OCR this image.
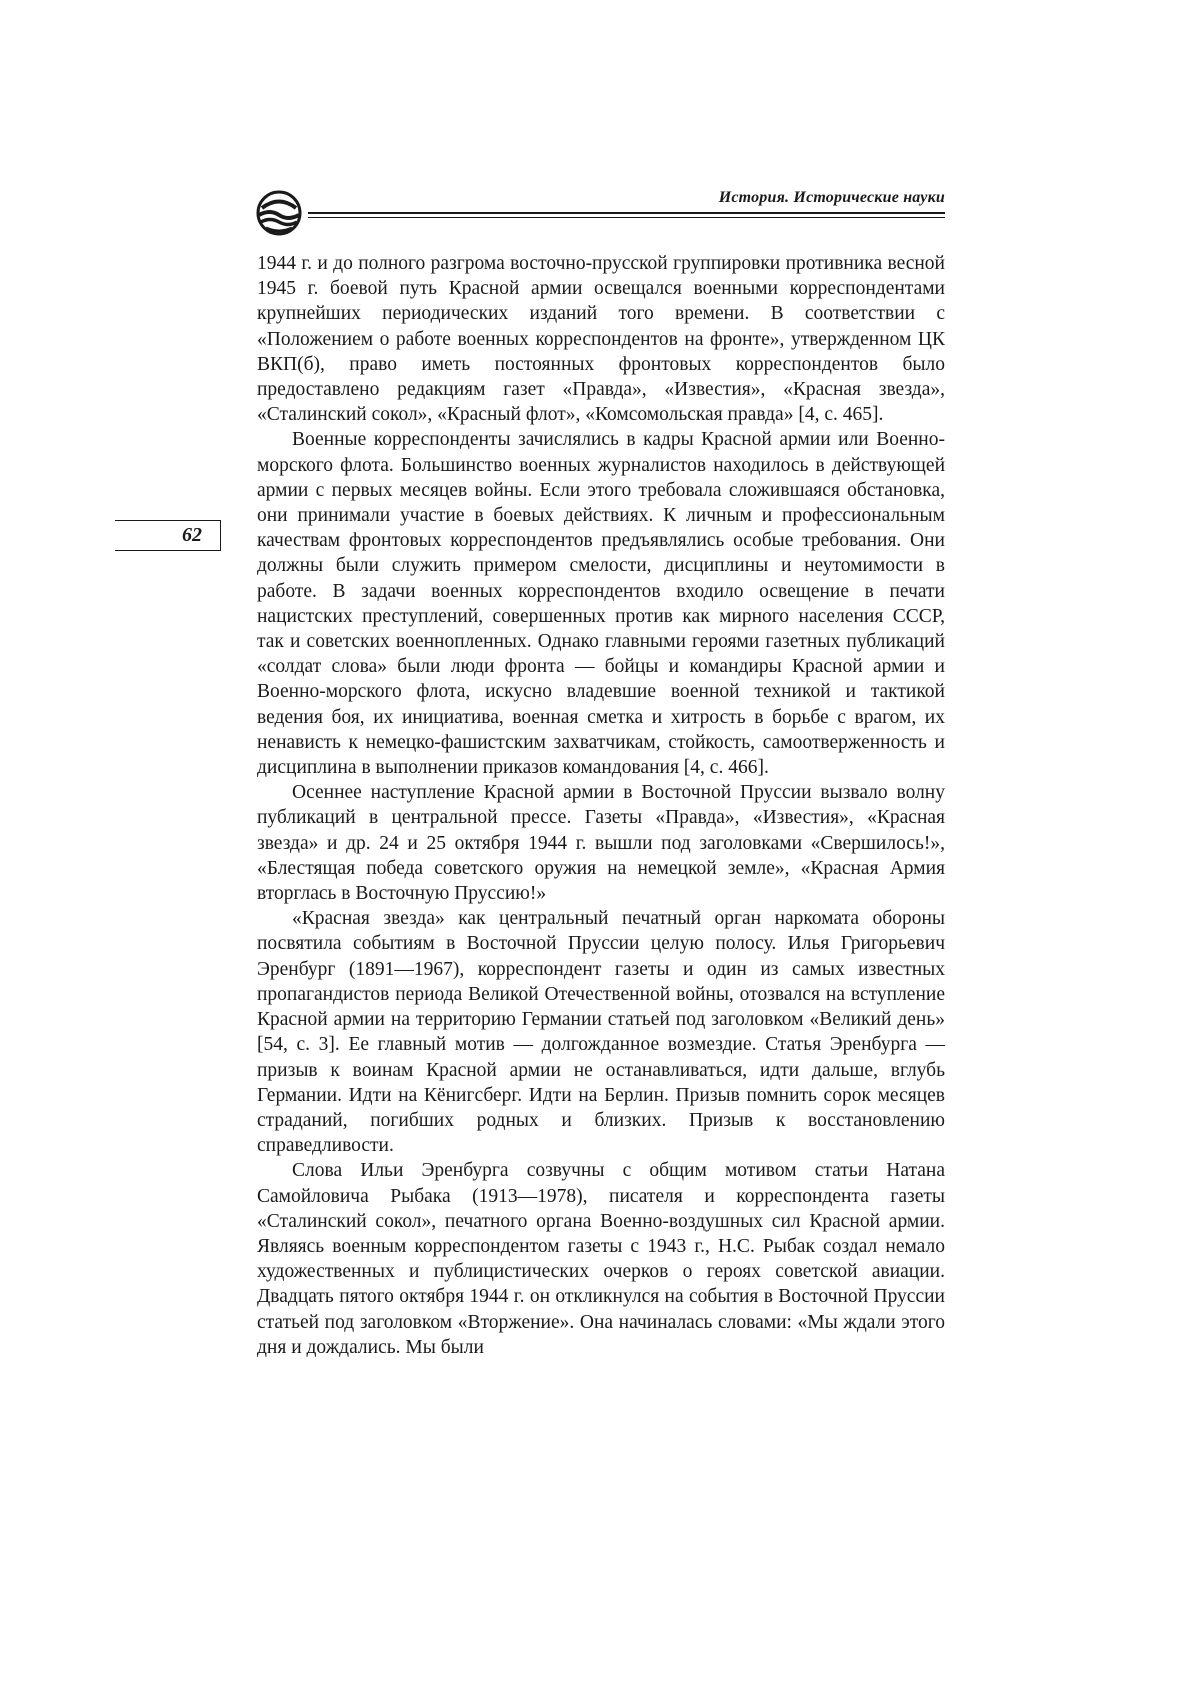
История. Исторические науки
62

1944 г. и до полного разгрома восточно-прусской группировки противника весной 1945 г. боевой путь Красной армии освещался военными корреспондентами крупнейших периодических изданий того времени. В соответствии с «Положением о работе военных корреспондентов на фронте», утвержденном ЦК ВКП(б), право иметь постоянных фронтовых корреспондентов было предоставлено редакциям газет «Правда», «Известия», «Красная звезда», «Сталинский сокол», «Красный флот», «Комсомольская правда» [4, с. 465].

Военные корреспонденты зачислялись в кадры Красной армии или Военно-морского флота. Большинство военных журналистов находилось в действующей армии с первых месяцев войны. Если этого требовала сложившаяся обстановка, они принимали участие в боевых действиях. К личным и профессиональным качествам фронтовых корреспондентов предъявлялись особые требования. Они должны были служить примером смелости, дисциплины и неутомимости в работе. В задачи военных корреспондентов входило освещение в печати нацистских преступлений, совершенных против как мирного населения СССР, так и советских военнопленных. Однако главными героями газетных публикаций «солдат слова» были люди фронта — бойцы и командиры Красной армии и Военно-морского флота, искусно владевшие военной техникой и тактикой ведения боя, их инициатива, военная сметка и хитрость в борьбе с врагом, их ненависть к немецко-фашистским захватчикам, стойкость, самоотверженность и дисциплина в выполнении приказов командования [4, с. 466].

Осеннее наступление Красной армии в Восточной Пруссии вызвало волну публикаций в центральной прессе. Газеты «Правда», «Известия», «Красная звезда» и др. 24 и 25 октября 1944 г. вышли под заголовками «Свершилось!», «Блестящая победа советского оружия на немецкой земле», «Красная Армия вторглась в Восточную Пруссию!»

«Красная звезда» как центральный печатный орган наркомата обороны посвятила событиям в Восточной Пруссии целую полосу. Илья Григорьевич Эренбург (1891—1967), корреспондент газеты и один из самых известных пропагандистов периода Великой Отечественной войны, отозвался на вступление Красной армии на территорию Германии статьей под заголовком «Великий день» [54, с. 3]. Ее главный мотив — долгожданное возмездие. Статья Эренбурга — призыв к воинам Красной армии не останавливаться, идти дальше, вглубь Германии. Идти на Кёнигсберг. Идти на Берлин. Призыв помнить сорок месяцев страданий, погибших родных и близких. Призыв к восстановлению справедливости.

Слова Ильи Эренбурга созвучны с общим мотивом статьи Натана Самойловича Рыбака (1913—1978), писателя и корреспондента газеты «Сталинский сокол», печатного органа Военно-воздушных сил Красной армии. Являясь военным корреспондентом газеты с 1943 г., Н.С. Рыбак создал немало художественных и публицистических очерков о героях советской авиации. Двадцать пятого октября 1944 г. он откликнулся на события в Восточной Пруссии статьей под заголовком «Вторжение». Она начиналась словами: «Мы ждали этого дня и дождались. Мы были
